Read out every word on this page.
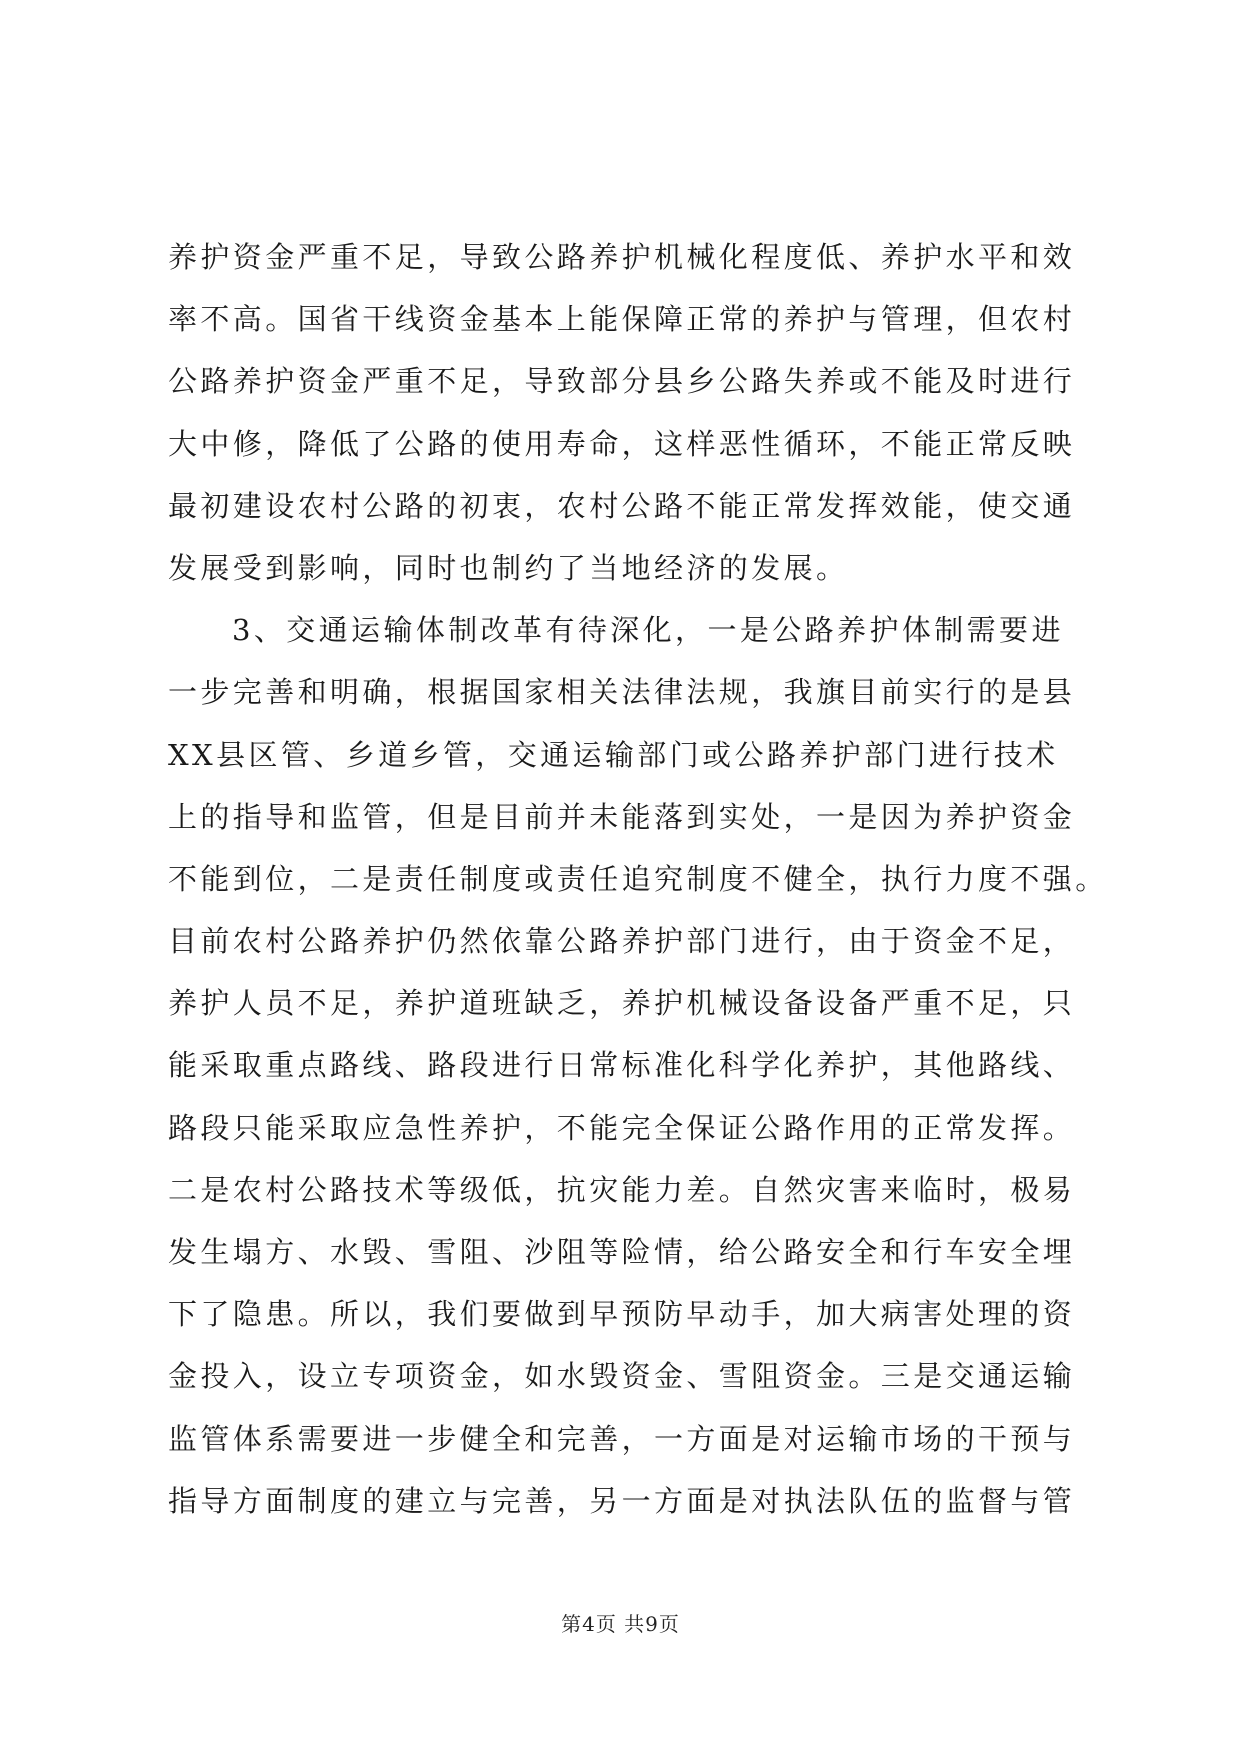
养护资金严重不足，导致公路养护机械化程度低、养护水平和效
率不高。国省干线资金基本上能保障正常的养护与管理，但农村
公路养护资金严重不足，导致部分县乡公路失养或不能及时进行
大中修，降低了公路的使用寿命，这样恶性循环，不能正常反映
最初建设农村公路的初衷，农村公路不能正常发挥效能，使交通
发展受到影响，同时也制约了当地经济的发展。
3、交通运输体制改革有待深化，一是公路养护体制需要进
一步完善和明确，根据国家相关法律法规，我旗目前实行的是县
XX县区管、乡道乡管，交通运输部门或公路养护部门进行技术
上的指导和监管，但是目前并未能落到实处，一是因为养护资金
不能到位，二是责任制度或责任追究制度不健全，执行力度不强。
目前农村公路养护仍然依靠公路养护部门进行，由于资金不足，
养护人员不足，养护道班缺乏，养护机械设备设备严重不足，只
能采取重点路线、路段进行日常标准化科学化养护，其他路线、
路段只能采取应急性养护，不能完全保证公路作用的正常发挥。
二是农村公路技术等级低，抗灾能力差。自然灾害来临时，极易
发生塌方、水毁、雪阻、沙阻等险情，给公路安全和行车安全埋
下了隐患。所以，我们要做到早预防早动手，加大病害处理的资
金投入，设立专项资金，如水毁资金、雪阻资金。三是交通运输
监管体系需要进一步健全和完善，一方面是对运输市场的干预与
指导方面制度的建立与完善，另一方面是对执法队伍的监督与管
第4页 共9页
